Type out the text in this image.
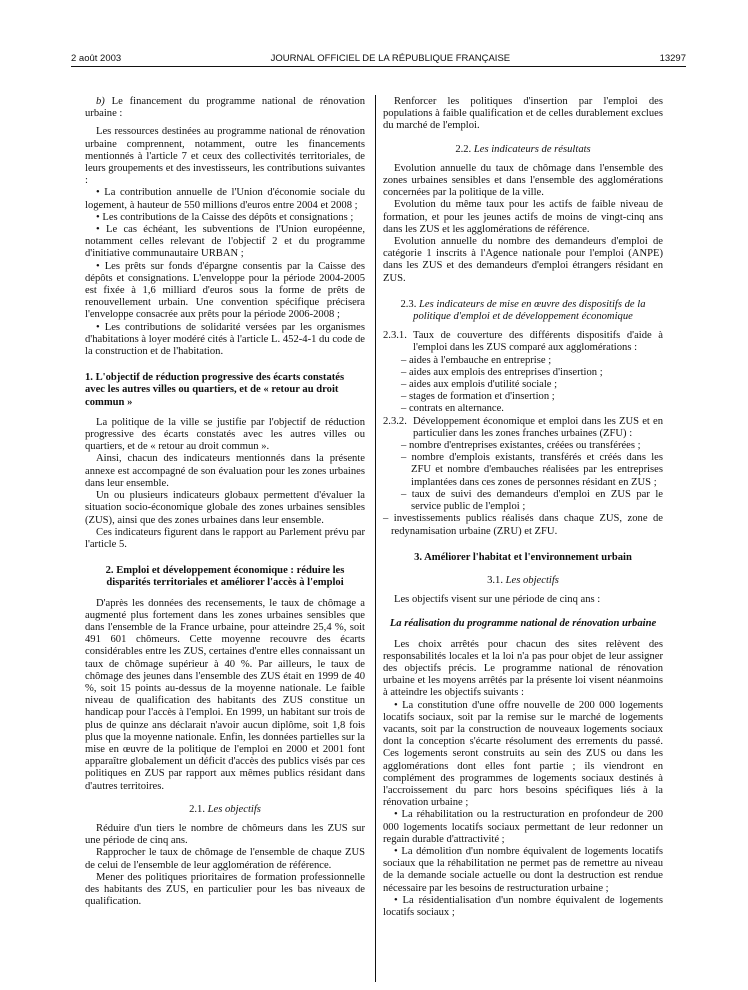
2 août 2003	JOURNAL OFFICIEL DE LA RÉPUBLIQUE FRANÇAISE	13297

b) Le financement du programme national de rénovation urbaine :

Les ressources destinées au programme national de rénovation urbaine comprennent, notamment, outre les financements mentionnés à l'article 7 et ceux des collectivités territoriales, de leurs groupements et des investisseurs, les contributions suivantes :

• La contribution annuelle de l'Union d'économie sociale du logement, à hauteur de 550 millions d'euros entre 2004 et 2008 ;

• Les contributions de la Caisse des dépôts et consignations ;

• Le cas échéant, les subventions de l'Union européenne, notamment celles relevant de l'objectif 2 et du programme d'initiative communautaire URBAN ;

• Les prêts sur fonds d'épargne consentis par la Caisse des dépôts et consignations. L'enveloppe pour la période 2004-2005 est fixée à 1,6 milliard d'euros sous la forme de prêts de renouvellement urbain. Une convention spécifique précisera l'enveloppe consacrée aux prêts pour la période 2006-2008 ;

• Les contributions de solidarité versées par les organismes d'habitations à loyer modéré cités à l'article L. 452-4-1 du code de la construction et de l'habitation.

1. L'objectif de réduction progressive des écarts constatés avec les autres villes ou quartiers, et de « retour au droit commun »

La politique de la ville se justifie par l'objectif de réduction progressive des écarts constatés avec les autres villes ou quartiers, et de « retour au droit commun ».

Ainsi, chacun des indicateurs mentionnés dans la présente annexe est accompagné de son évaluation pour les zones urbaines dans leur ensemble.

Un ou plusieurs indicateurs globaux permettent d'évaluer la situation socio-économique globale des zones urbaines sensibles (ZUS), ainsi que des zones urbaines dans leur ensemble.

Ces indicateurs figurent dans le rapport au Parlement prévu par l'article 5.

2. Emploi et développement économique : réduire les disparités territoriales et améliorer l'accès à l'emploi

D'après les données des recensements, le taux de chômage a augmenté plus fortement dans les zones urbaines sensibles que dans l'ensemble de la France urbaine, pour atteindre 25,4 %, soit 491 601 chômeurs. Cette moyenne recouvre des écarts considérables entre les ZUS, certaines d'entre elles connaissant un taux de chômage supérieur à 40 %. Par ailleurs, le taux de chômage des jeunes dans l'ensemble des ZUS était en 1999 de 40 %, soit 15 points au-dessus de la moyenne nationale. Le faible niveau de qualification des habitants des ZUS constitue un handicap pour l'accès à l'emploi. En 1999, un habitant sur trois de plus de quinze ans déclarait n'avoir aucun diplôme, soit 1,8 fois plus que la moyenne nationale. Enfin, les données partielles sur la mise en œuvre de la politique de l'emploi en 2000 et 2001 font apparaître globalement un déficit d'accès des publics visés par ces politiques en ZUS par rapport aux mêmes publics résidant dans d'autres territoires.

2.1. Les objectifs

Réduire d'un tiers le nombre de chômeurs dans les ZUS sur une période de cinq ans.

Rapprocher le taux de chômage de l'ensemble de chaque ZUS de celui de l'ensemble de leur agglomération de référence.

Mener des politiques prioritaires de formation professionnelle des habitants des ZUS, en particulier pour les bas niveaux de qualification.

Renforcer les politiques d'insertion par l'emploi des populations à faible qualification et de celles durablement exclues du marché de l'emploi.

2.2. Les indicateurs de résultats

Evolution annuelle du taux de chômage dans l'ensemble des zones urbaines sensibles et dans l'ensemble des agglomérations concernées par la politique de la ville.

Evolution du même taux pour les actifs de faible niveau de formation, et pour les jeunes actifs de moins de vingt-cinq ans dans les ZUS et les agglomérations de référence.

Evolution annuelle du nombre des demandeurs d'emploi de catégorie 1 inscrits à l'Agence nationale pour l'emploi (ANPE) dans les ZUS et des demandeurs d'emploi étrangers résidant en ZUS.

2.3. Les indicateurs de mise en œuvre des dispositifs de la politique d'emploi et de développement économique

2.3.1. Taux de couverture des différents dispositifs d'aide à l'emploi dans les ZUS comparé aux agglomérations :

– aides à l'embauche en entreprise ;

– aides aux emplois des entreprises d'insertion ;

– aides aux emplois d'utilité sociale ;

– stages de formation et d'insertion ;

– contrats en alternance.

2.3.2. Développement économique et emploi dans les ZUS et en particulier dans les zones franches urbaines (ZFU) :

– nombre d'entreprises existantes, créées ou transférées ;

– nombre d'emplois existants, transférés et créés dans les ZFU et nombre d'embauches réalisées par les entreprises implantées dans ces zones de personnes résidant en ZUS ;

– taux de suivi des demandeurs d'emploi en ZUS par le service public de l'emploi ;

– investissements publics réalisés dans chaque ZUS, zone de redynamisation urbaine (ZRU) et ZFU.

3. Améliorer l'habitat et l'environnement urbain

3.1. Les objectifs

Les objectifs visent sur une période de cinq ans :

La réalisation du programme national de rénovation urbaine

Les choix arrêtés pour chacun des sites relèvent des responsabilités locales et la loi n'a pas pour objet de leur assigner des objectifs précis. Le programme national de rénovation urbaine et les moyens arrêtés par la présente loi visent néanmoins à atteindre les objectifs suivants :

• La constitution d'une offre nouvelle de 200 000 logements locatifs sociaux, soit par la remise sur le marché de logements vacants, soit par la construction de nouveaux logements sociaux dont la conception s'écarte résolument des errements du passé. Ces logements seront construits au sein des ZUS ou dans les agglomérations dont elles font partie ; ils viendront en complément des programmes de logements sociaux destinés à l'accroissement du parc hors besoins spécifiques liés à la rénovation urbaine ;

• La réhabilitation ou la restructuration en profondeur de 200 000 logements locatifs sociaux permettant de leur redonner un regain durable d'attractivité ;

• La démolition d'un nombre équivalent de logements locatifs sociaux que la réhabilitation ne permet pas de remettre au niveau de la demande sociale actuelle ou dont la destruction est rendue nécessaire par les besoins de restructuration urbaine ;

• La résidentialisation d'un nombre équivalent de logements locatifs sociaux ;
